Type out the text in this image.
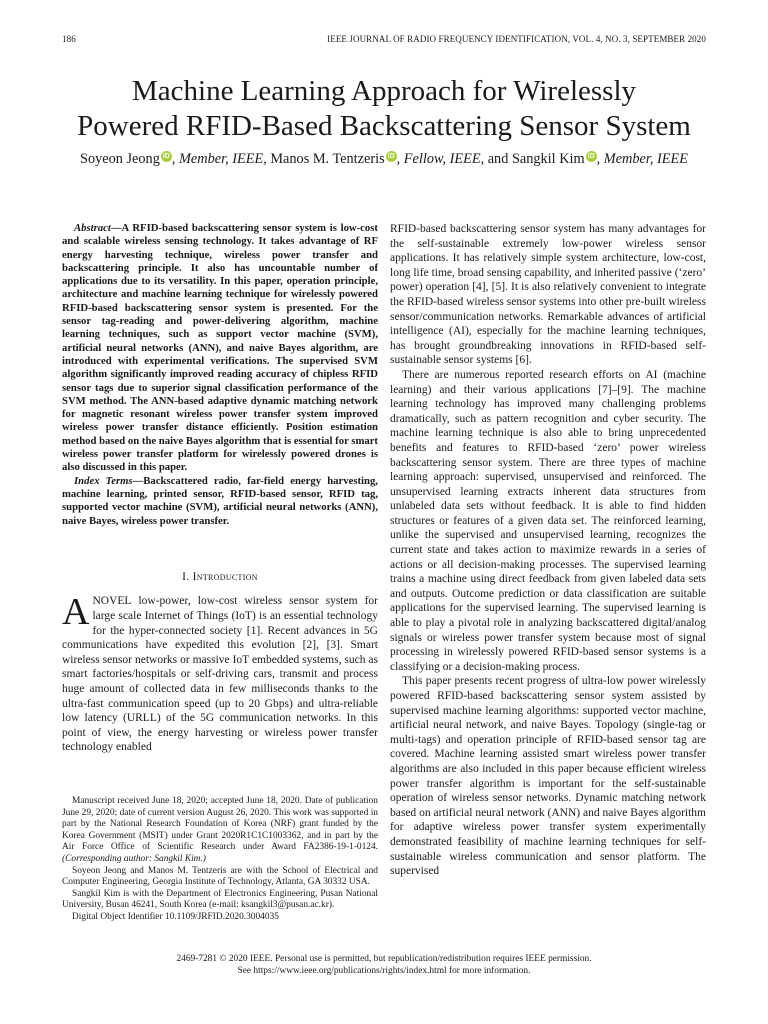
186	IEEE JOURNAL OF RADIO FREQUENCY IDENTIFICATION, VOL. 4, NO. 3, SEPTEMBER 2020
Machine Learning Approach for Wirelessly
Powered RFID-Based Backscattering Sensor System
Soyeon Jeong iD , Member, IEEE, Manos M. Tentzeris iD , Fellow, IEEE, and Sangkil Kim iD , Member, IEEE

Abstract—A RFID-based backscattering sensor system is low-cost and scalable wireless sensing technology. It takes advantage of RF energy harvesting technique, wireless power transfer and backscattering principle. It also has uncountable number of applications due to its versatility. In this paper, operation principle, architecture and machine learning technique for wirelessly powered RFID-based backscattering sensor system is presented. For the sensor tag-reading and power-delivering algorithm, machine learning techniques, such as support vector machine (SVM), artificial neural networks (ANN), and naive Bayes algorithm, are introduced with experimental verifications. The supervised SVM algorithm significantly improved reading accuracy of chipless RFID sensor tags due to superior signal classification performance of the SVM method. The ANN-based adaptive dynamic matching network for magnetic resonant wireless power transfer system improved wireless power transfer distance efficiently. Position estimation method based on the naive Bayes algorithm that is essential for smart wireless power transfer platform for wirelessly powered drones is also discussed in this paper.

Index Terms—Backscattered radio, far-field energy harvesting, machine learning, printed sensor, RFID-based sensor, RFID tag, supported vector machine (SVM), artificial neural networks (ANN), naive Bayes, wireless power transfer.

I. Introduction

ANOVEL low-power, low-cost wireless sensor system for large scale Internet of Things (IoT) is an essential technology for the hyper-connected society [1]. Recent advances in 5G communications have expedited this evolution [2], [3]. Smart wireless sensor networks or massive IoT embedded systems, such as smart factories/hospitals or self-driving cars, transmit and process huge amount of collected data in few milliseconds thanks to the ultra-fast communication speed (up to 20 Gbps) and ultra-reliable low latency (URLL) of the 5G communication networks. In this point of view, the energy harvesting or wireless power transfer technology enabled

Manuscript received June 18, 2020; accepted June 18, 2020. Date of publication June 29, 2020; date of current version August 26, 2020. This work was supported in part by the National Research Foundation of Korea (NRF) grant funded by the Korea Government (MSIT) under Grant 2020R1C1C1003362, and in part by the Air Force Office of Scientific Research under Award FA2386-19-1-0124. (Corresponding author: Sangkil Kim.)

Soyeon Jeong and Manos M. Tentzeris are with the School of Electrical and Computer Engineering, Georgia Institute of Technology, Atlanta, GA 30332 USA.

Sangkil Kim is with the Department of Electronics Engineering, Pusan National University, Busan 46241, South Korea (e-mail: ksangkil3@pusan.ac.kr).

Digital Object Identifier 10.1109/JRFID.2020.3004035

RFID-based backscattering sensor system has many advantages for the self-sustainable extremely low-power wireless sensor applications. It has relatively simple system architecture, low-cost, long life time, broad sensing capability, and inherited passive (‘zero’ power) operation [4], [5]. It is also relatively convenient to integrate the RFID-based wireless sensor systems into other pre-built wireless sensor/communication networks. Remarkable advances of artificial intelligence (AI), especially for the machine learning techniques, has brought groundbreaking innovations in RFID-based self-sustainable sensor systems [6].

There are numerous reported research efforts on AI (machine learning) and their various applications [7]–[9]. The machine learning technology has improved many challenging problems dramatically, such as pattern recognition and cyber security. The machine learning technique is also able to bring unprecedented benefits and features to RFID-based ‘zero’ power wireless backscattering sensor system. There are three types of machine learning approach: supervised, unsupervised and reinforced. The unsupervised learning extracts inherent data structures from unlabeled data sets without feedback. It is able to find hidden structures or features of a given data set. The reinforced learning, unlike the supervised and unsupervised learning, recognizes the current state and takes action to maximize rewards in a series of actions or all decision-making processes. The supervised learning trains a machine using direct feedback from given labeled data sets and outputs. Outcome prediction or data classification are suitable applications for the supervised learning. The supervised learning is able to play a pivotal role in analyzing backscattered digital/analog signals or wireless power transfer system because most of signal processing in wirelessly powered RFID-based sensor systems is a classifying or a decision-making process.

This paper presents recent progress of ultra-low power wirelessly powered RFID-based backscattering sensor system assisted by supervised machine learning algorithms: supported vector machine, artificial neural network, and naive Bayes. Topology (single-tag or multi-tags) and operation principle of RFID-based sensor tag are covered. Machine learning assisted smart wireless power transfer algorithms are also included in this paper because efficient wireless power transfer algorithm is important for the self-sustainable operation of wireless sensor networks. Dynamic matching network based on artificial neural network (ANN) and naive Bayes algorithm for adaptive wireless power transfer system experimentally demonstrated feasibility of machine learning techniques for self-sustainable wireless communication and sensor platform. The supervised

2469-7281 © 2020 IEEE. Personal use is permitted, but republication/redistribution requires IEEE permission.
See https://www.ieee.org/publications/rights/index.html for more information.
